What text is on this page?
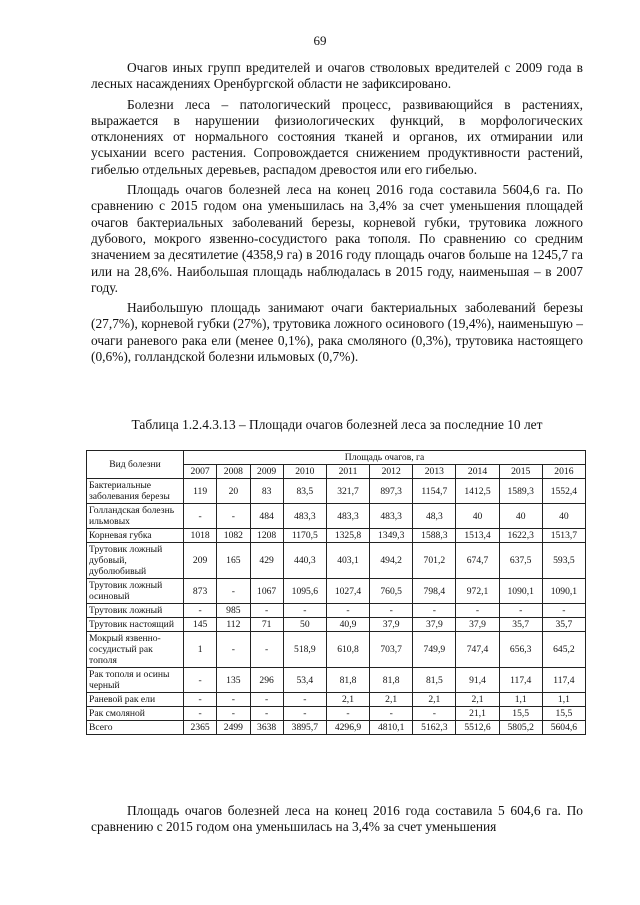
69

Очагов иных групп вредителей и очагов стволовых вредителей с 2009 года в лесных насаждениях Оренбургской области не зафиксировано.

Болезни леса – патологический процесс, развивающийся в растениях, выражается в нарушении физиологических функций, в морфологических отклонениях от нормального состояния тканей и органов, их отмирании или усыхании всего растения. Сопровождается снижением продуктивности растений, гибелью отдельных деревьев, распадом древостоя или его гибелью.

Площадь очагов болезней леса на конец 2016 года составила 5604,6 га. По сравнению с 2015 годом она уменьшилась на 3,4% за счет уменьшения площадей очагов бактериальных заболеваний березы, корневой губки, трутовика ложного дубового, мокрого язвенно-сосудистого рака тополя. По сравнению со средним значением за десятилетие (4358,9 га) в 2016 году площадь очагов больше на 1245,7 га или на 28,6%. Наибольшая площадь наблюдалась в 2015 году, наименьшая – в 2007 году.

Наибольшую площадь занимают очаги бактериальных заболеваний березы (27,7%), корневой губки (27%), трутовика ложного осинового (19,4%), наименьшую – очаги раневого рака ели (менее 0,1%), рака смоляного (0,3%), трутовика настоящего (0,6%), голландской болезни ильмовых (0,7%).

Таблица 1.2.4.3.13 – Площади очагов болезней леса за последние 10 лет
Вид болезни	Площадь очагов, га									
	2007	2008	2009	2010	2011	2012	2013	2014	2015	2016
Бактериальные заболевания березы	119	20	83	83,5	321,7	897,3	1154,7	1412,5	1589,3	1552,4
Голландская болезнь ильмовых	-	-	484	483,3	483,3	483,3	48,3	40	40	40
Корневая губка	1018	1082	1208	1170,5	1325,8	1349,3	1588,3	1513,4	1622,3	1513,7
Трутовик ложный дубовый, дуболюбивый	209	165	429	440,3	403,1	494,2	701,2	674,7	637,5	593,5
Трутовик ложный осиновый	873	-	1067	1095,6	1027,4	760,5	798,4	972,1	1090,1	1090,1
Трутовик ложный	-	985	-	-	-	-	-	-	-	-
Трутовик настоящий	145	112	71	50	40,9	37,9	37,9	37,9	35,7	35,7
Мокрый язвенно-сосудистый рак тополя	1	-	-	518,9	610,8	703,7	749,9	747,4	656,3	645,2
Рак тополя и осины черный	-	135	296	53,4	81,8	81,8	81,5	91,4	117,4	117,4
Раневой рак ели	-	-	-	-	2,1	2,1	2,1	2,1	1,1	1,1
Рак смоляной	-	-	-	-	-	-	-	21,1	15,5	15,5
Всего	2365	2499	3638	3895,7	4296,9	4810,1	5162,3	5512,6	5805,2	5604,6

Площадь очагов болезней леса на конец 2016 года составила 5 604,6 га. По сравнению с 2015 годом она уменьшилась на 3,4% за счет уменьшения
